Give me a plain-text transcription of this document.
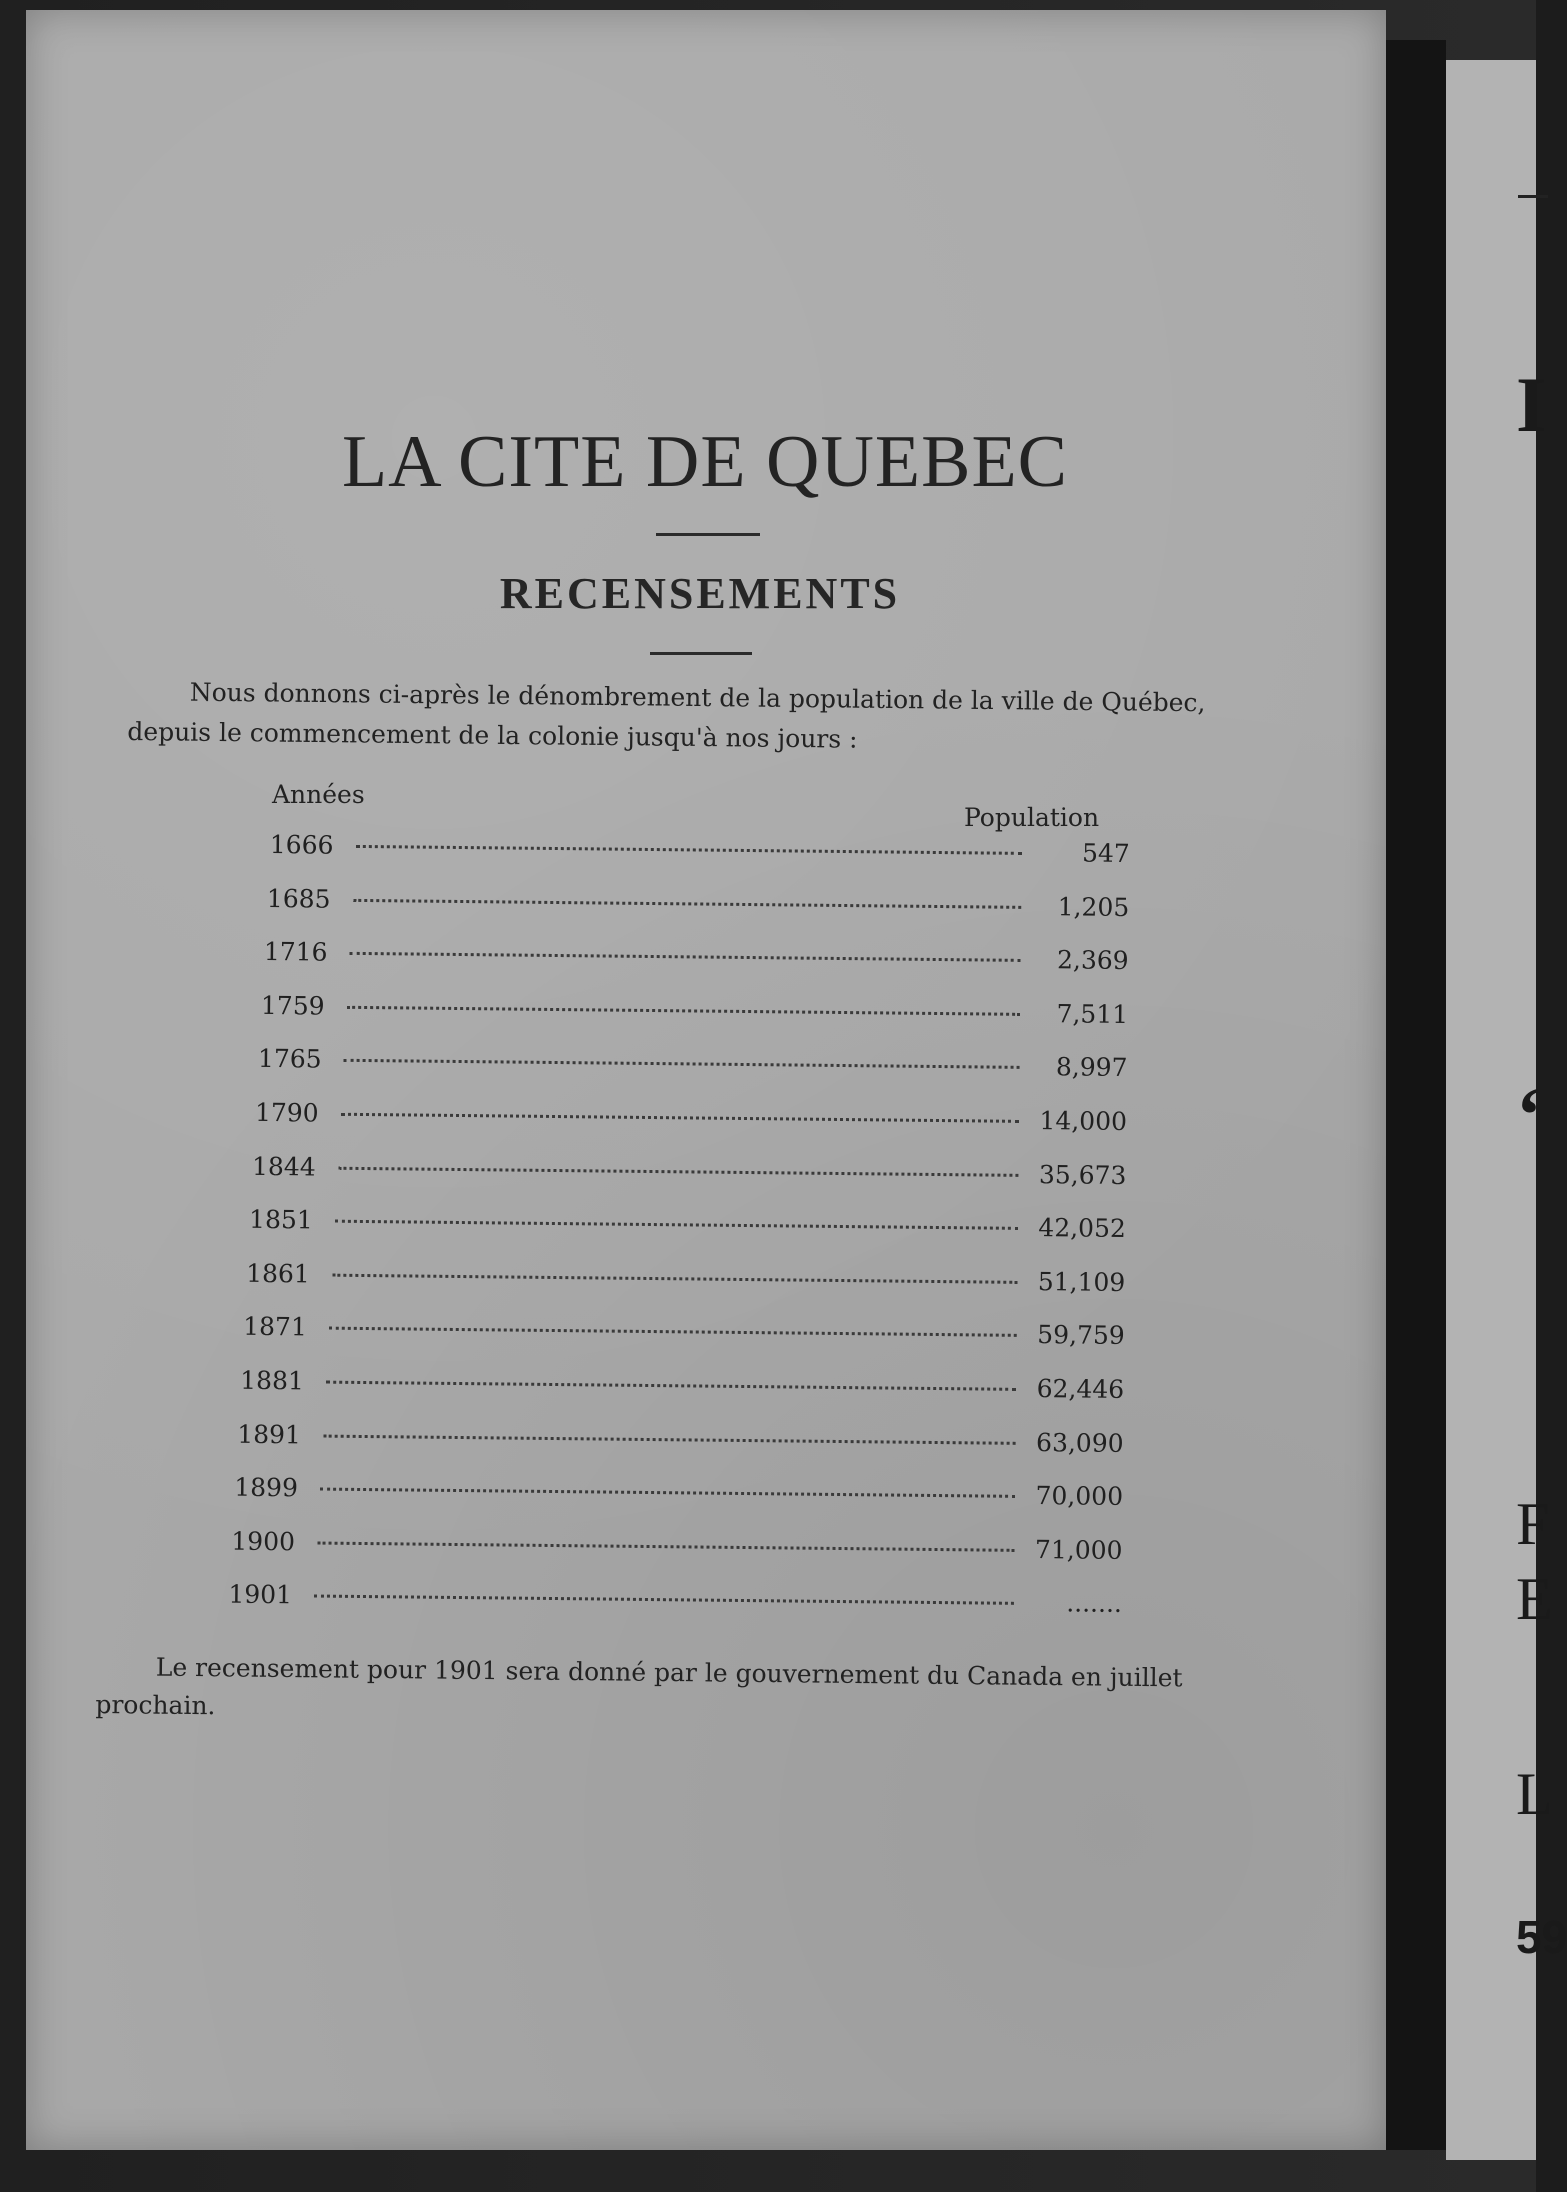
I
‘
F
E
L
59
LA CITE DE QUEBEC
RECENSEMENTS
Nous donnons ci-après le dénombrement de la population de la ville de Québec,
depuis le commencement de la colonie jusqu'à nos jours :
Années
Population
1666	547
1685	1,205
1716	2,369
1759	7,511
1765	8,997
1790	14,000
1844	35,673
1851	42,052
1861	51,109
1871	59,759
1881	62,446
1891	63,090
1899	70,000
1900	71,000
1901	.......
Le recensement pour 1901 sera donné par le gouvernement du Canada en juillet
prochain.
